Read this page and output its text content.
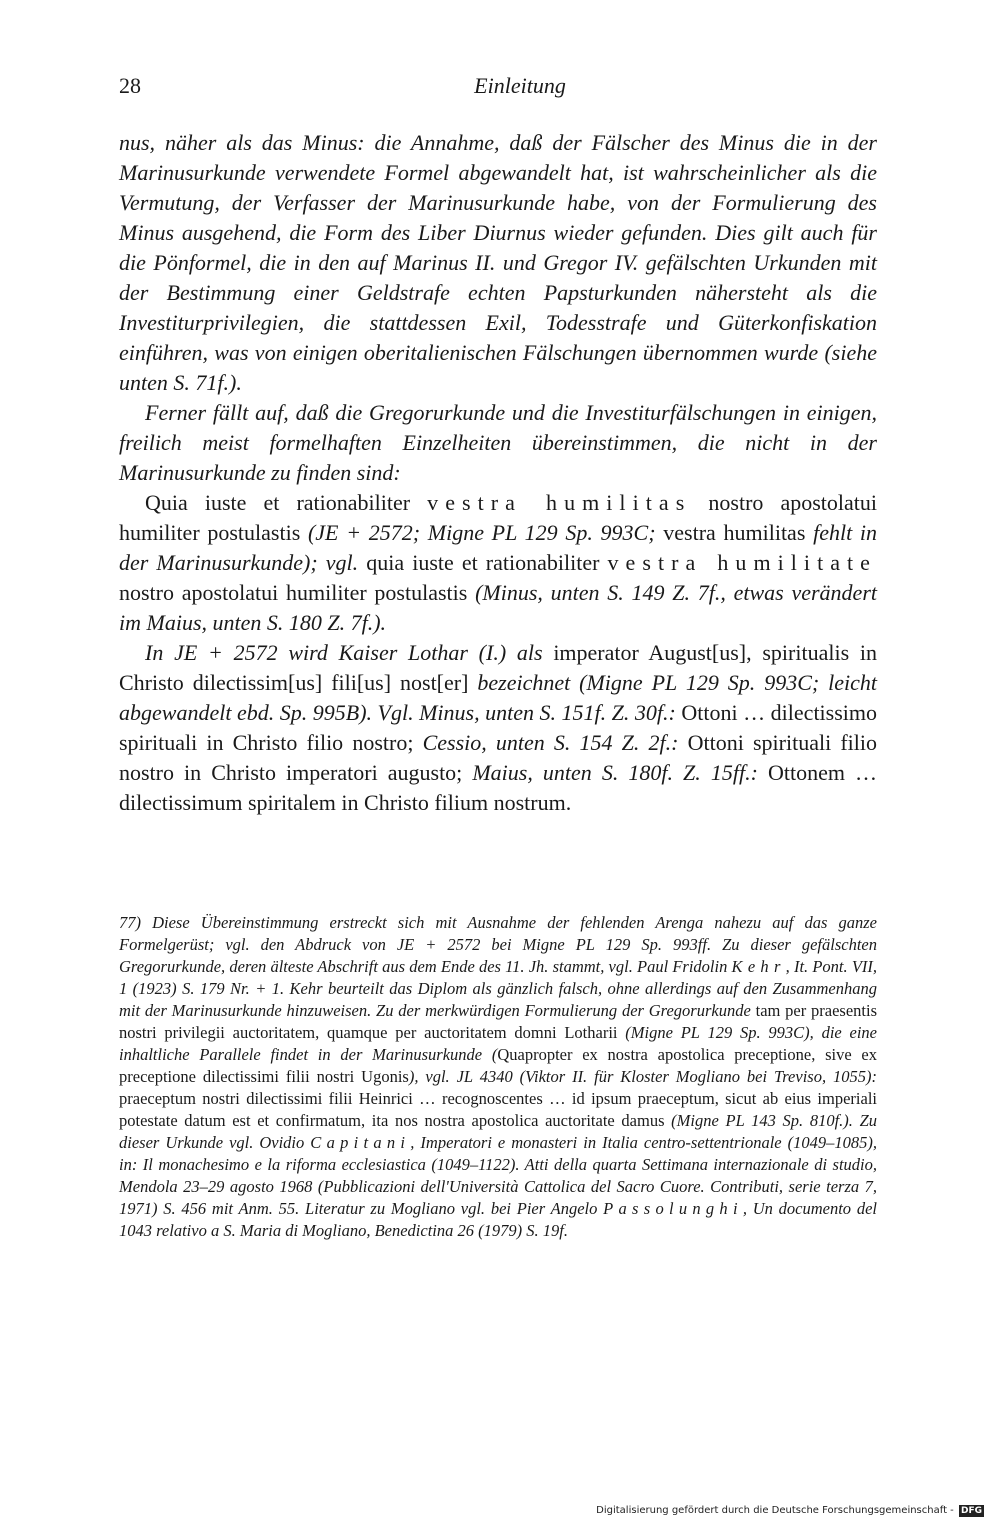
28	Einleitung

nus, näher als das Minus: die Annahme, daß der Fälscher des Minus die in der Marinusurkunde verwendete Formel abgewandelt hat, ist wahrscheinlicher als die Vermutung, der Verfasser der Marinusurkunde habe, von der Formulierung des Minus ausgehend, die Form des Liber Diurnus wieder gefunden. Dies gilt auch für die Pönformel, die in den auf Marinus II. und Gregor IV. gefälschten Urkunden mit der Bestimmung einer Geldstrafe echten Papsturkunden nähersteht als die Investiturprivilegien, die stattdessen Exil, Todesstrafe und Güterkonfiskation einführen, was von einigen oberitalienischen Fälschungen übernommen wurde (siehe unten S. 71f.).

Ferner fällt auf, daß die Gregorurkunde und die Investiturfälschungen in einigen, freilich meist formelhaften Einzelheiten übereinstimmen, die nicht in der Marinusurkunde zu finden sind:

Quia iuste et rationabiliter vestra humilitas nostro apostolatui humiliter postulastis (JE + 2572; Migne PL 129 Sp. 993C; vestra humilitas fehlt in der Marinusurkunde); vgl. quia iuste et rationabiliter vestra humilitate nostro apostolatui humiliter postulastis (Minus, unten S. 149 Z. 7f., etwas verändert im Maius, unten S. 180 Z. 7f.).

In JE + 2572 wird Kaiser Lothar (I.) als imperator August[us], spiritualis in Christo dilectissim[us] fili[us] nost[er] bezeichnet (Migne PL 129 Sp. 993C; leicht abgewandelt ebd. Sp. 995B). Vgl. Minus, unten S. 151f. Z. 30f.: Ottoni … dilectissimo spirituali in Christo filio nostro; Cessio, unten S. 154 Z. 2f.: Ottoni spirituali filio nostro in Christo imperatori augusto; Maius, unten S. 180f. Z. 15ff.: Ottonem … dilectissimum spiritalem in Christo filium nostrum.

77) Diese Übereinstimmung erstreckt sich mit Ausnahme der fehlenden Arenga nahezu auf das ganze Formelgerüst; vgl. den Abdruck von JE + 2572 bei Migne PL 129 Sp. 993ff. Zu dieser gefälschten Gregorurkunde, deren älteste Abschrift aus dem Ende des 11. Jh. stammt, vgl. Paul Fridolin Kehr, It. Pont. VII, 1 (1923) S. 179 Nr. + 1. Kehr beurteilt das Diplom als gänzlich falsch, ohne allerdings auf den Zusammenhang mit der Marinusurkunde hinzuweisen. Zu der merkwürdigen Formulierung der Gregorurkunde tam per praesentis nostri privilegii auctoritatem, quamque per auctoritatem domni Lotharii (Migne PL 129 Sp. 993C), die eine inhaltliche Parallele findet in der Marinusurkunde (Quapropter ex nostra apostolica preceptione, sive ex preceptione dilectissimi filii nostri Ugonis), vgl. JL 4340 (Viktor II. für Kloster Mogliano bei Treviso, 1055): praeceptum nostri dilectissimi filii Heinrici … recognoscentes … id ipsum praeceptum, sicut ab eius imperiali potestate datum est et confirmatum, ita nos nostra apostolica auctoritate damus (Migne PL 143 Sp. 810f.). Zu dieser Urkunde vgl. Ovidio Capitani, Imperatori e monasteri in Italia centro-settentrionale (1049–1085), in: Il monachesimo e la riforma ecclesiastica (1049–1122). Atti della quarta Settimana internazionale di studio, Mendola 23–29 agosto 1968 (Pubblicazioni dell'Università Cattolica del Sacro Cuore. Contributi, serie terza 7, 1971) S. 456 mit Anm. 55. Literatur zu Mogliano vgl. bei Pier Angelo Passolunghi, Un documento del 1043 relativo a S. Maria di Mogliano, Benedictina 26 (1979) S. 19f.

Digitalisierung gefördert durch die Deutsche Forschungsgemeinschaft - DFG
